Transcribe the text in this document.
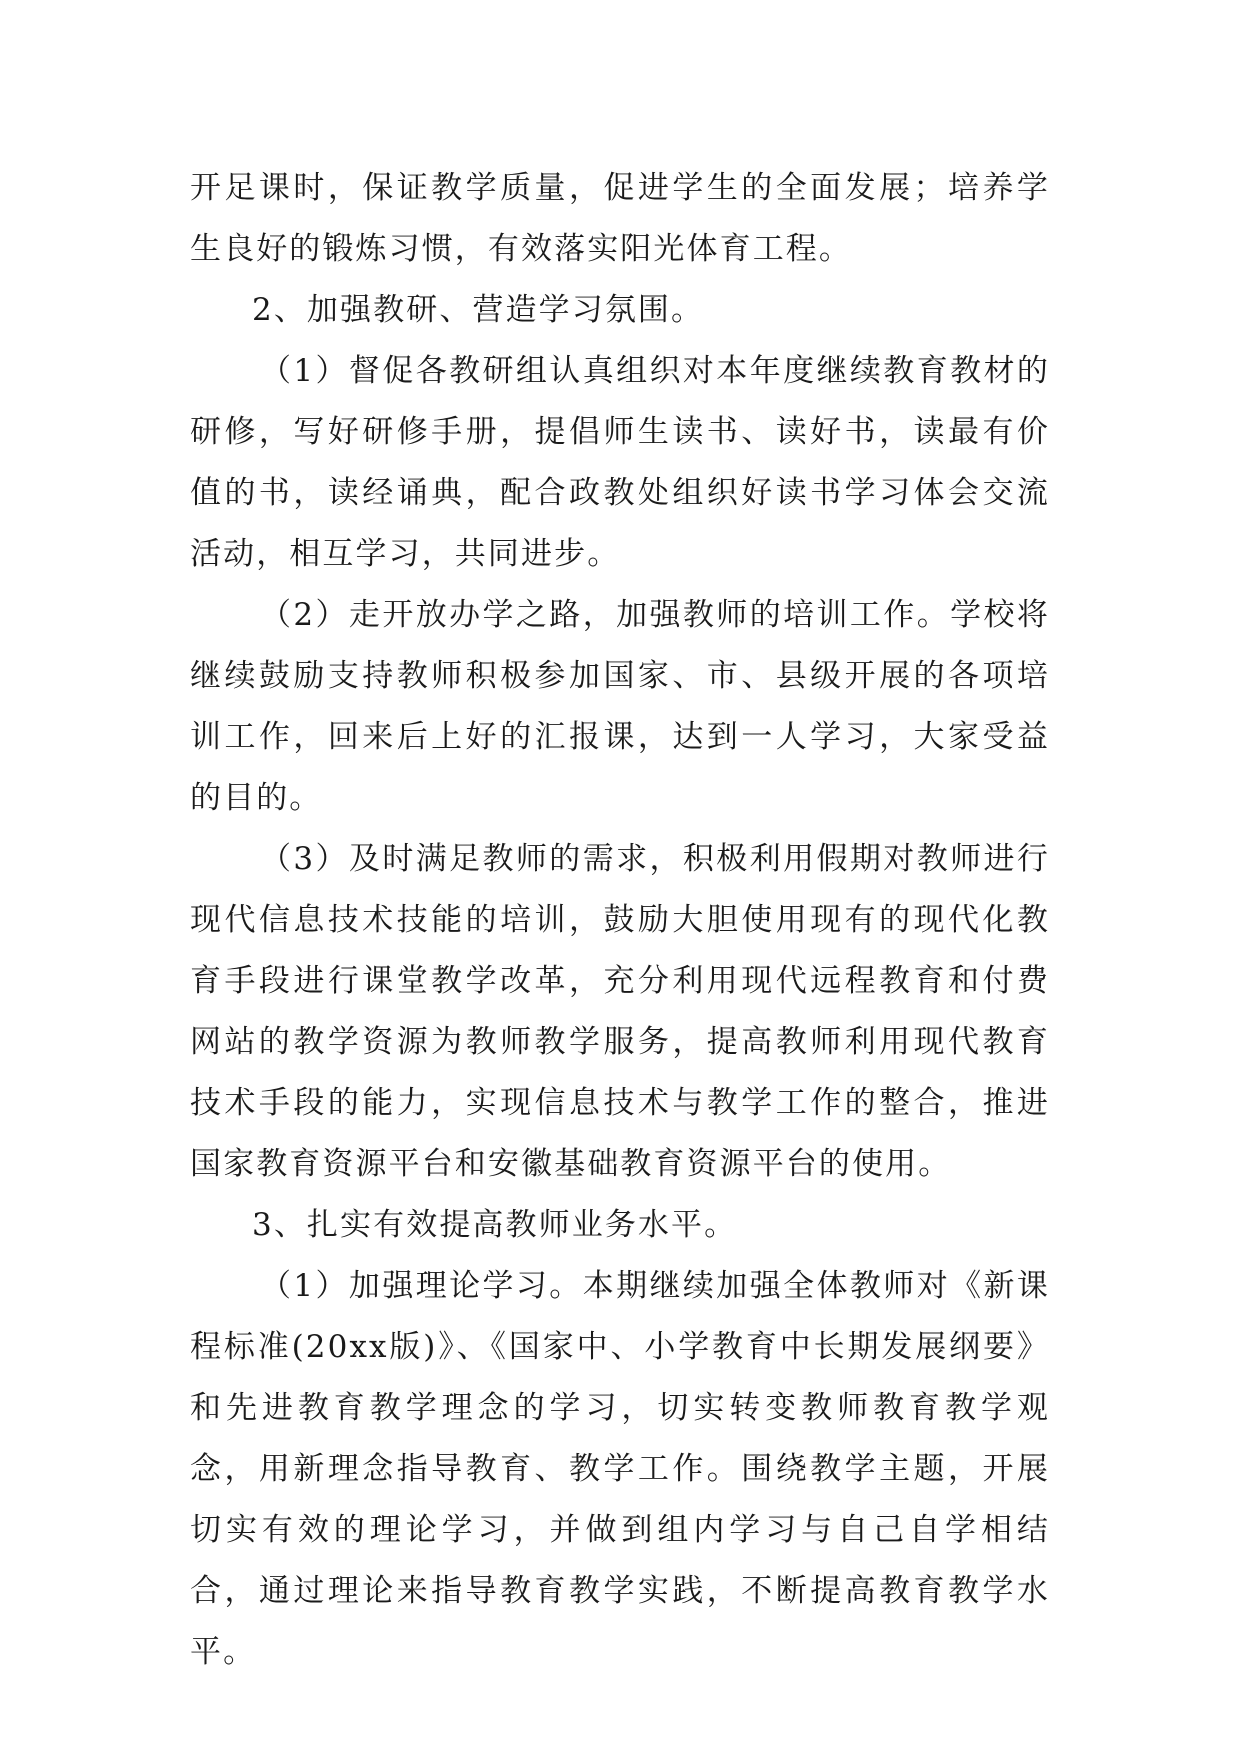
开足课时，保证教学质量，促进学生的全面发展；培养学生良好的锻炼习惯，有效落实阳光体育工程。

2、加强教研、营造学习氛围。

（1）督促各教研组认真组织对本年度继续教育教材的研修，写好研修手册，提倡师生读书、读好书，读最有价值的书，读经诵典，配合政教处组织好读书学习体会交流活动，相互学习，共同进步。

（2）走开放办学之路，加强教师的培训工作。学校将继续鼓励支持教师积极参加国家、市、县级开展的各项培训工作，回来后上好的汇报课，达到一人学习，大家受益的目的。

（3）及时满足教师的需求，积极利用假期对教师进行现代信息技术技能的培训，鼓励大胆使用现有的现代化教育手段进行课堂教学改革，充分利用现代远程教育和付费网站的教学资源为教师教学服务，提高教师利用现代教育技术手段的能力，实现信息技术与教学工作的整合，推进国家教育资源平台和安徽基础教育资源平台的使用。

3、扎实有效提高教师业务水平。

（1）加强理论学习。本期继续加强全体教师对《新课程标准(20xx版)》、《国家中、小学教育中长期发展纲要》和先进教育教学理念的学习，切实转变教师教育教学观念，用新理念指导教育、教学工作。围绕教学主题，开展切实有效的理论学习，并做到组内学习与自己自学相结合，通过理论来指导教育教学实践，不断提高教育教学水平。
